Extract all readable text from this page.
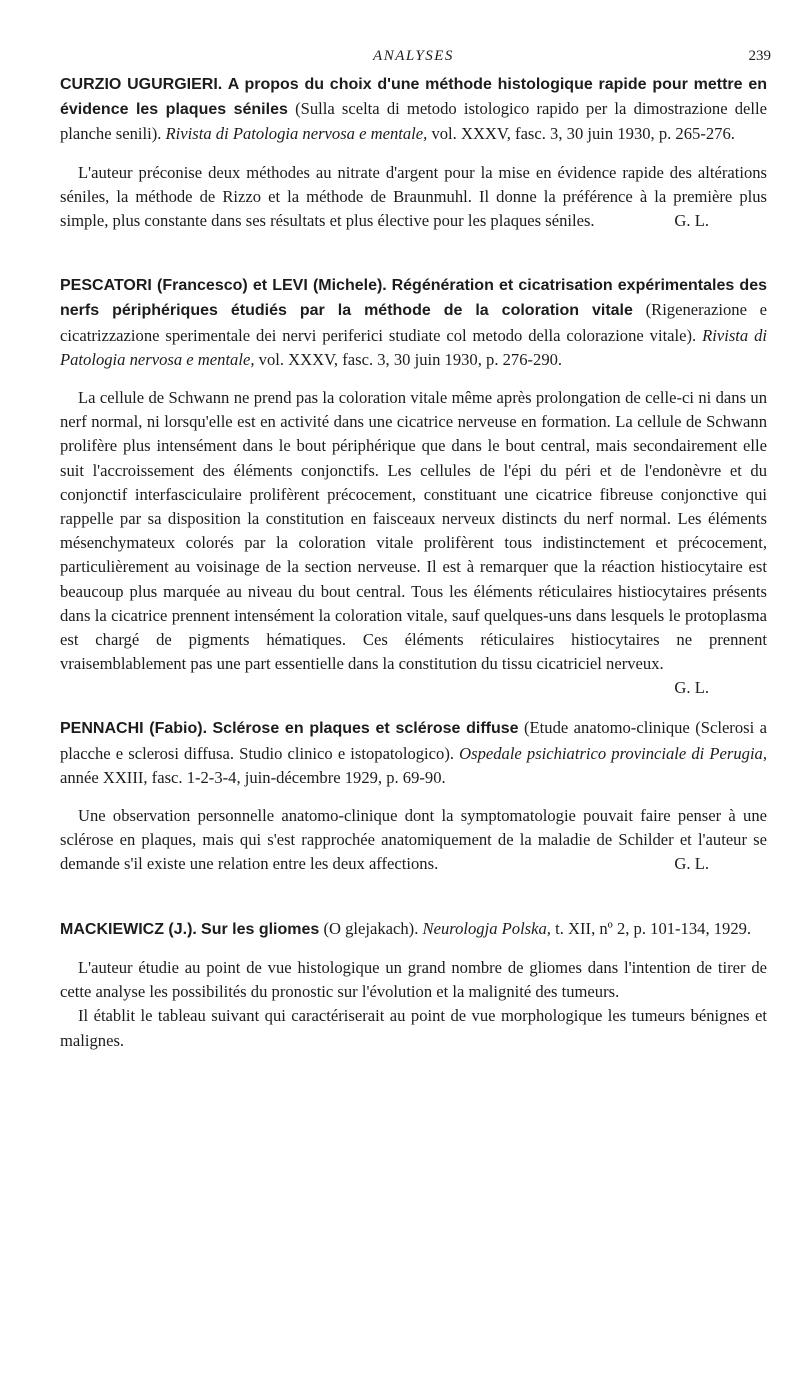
ANALYSES	239

CURZIO UGURGIERI. A propos du choix d'une méthode histologique rapide pour mettre en évidence les plaques séniles (Sulla scelta di metodo istologico rapido per la dimostrazione delle planche senili). Rivista di Patologia nervosa e mentale, vol. XXXV, fasc. 3, 30 juin 1930, p. 265-276.

L'auteur préconise deux méthodes au nitrate d'argent pour la mise en évidence rapide des altérations séniles, la méthode de Rizzo et la méthode de Braunmuhl. Il donne la préférence à la première plus simple, plus constante dans ses résultats et plus élective pour les plaques séniles.	G. L.

PESCATORI (Francesco) et LEVI (Michele). Régénération et cicatrisation expérimentales des nerfs périphériques étudiés par la méthode de la coloration vitale (Rigenerazione e cicatrizzazione sperimentale dei nervi periferici studiate col metodo della colorazione vitale). Rivista di Patologia nervosa e mentale, vol. XXXV, fasc. 3, 30 juin 1930, p. 276-290.

La cellule de Schwann ne prend pas la coloration vitale même après prolongation de celle-ci ni dans un nerf normal, ni lorsqu'elle est en activité dans une cicatrice nerveuse en formation. La cellule de Schwann prolifère plus intensément dans le bout périphérique que dans le bout central, mais secondairement elle suit l'accroissement des éléments conjonctifs. Les cellules de l'épi du péri et de l'endonèvre et du conjonctif interfasciculaire prolifèrent précocement, constituant une cicatrice fibreuse conjonctive qui rappelle par sa disposition la constitution en faisceaux nerveux distincts du nerf normal. Les éléments mésenchymateux colorés par la coloration vitale prolifèrent tous indistinctement et précocement, particulièrement au voisinage de la section nerveuse. Il est à remarquer que la réaction histiocytaire est beaucoup plus marquée au niveau du bout central. Tous les éléments réticulaires histiocytaires présents dans la cicatrice prennent intensément la coloration vitale, sauf quelques-uns dans lesquels le protoplasma est chargé de pigments hématiques. Ces éléments réticulaires histiocytaires ne prennent vraisemblablement pas une part essentielle dans la constitution du tissu cicatriciel nerveux.
G. L.

PENNACHI (Fabio). Sclérose en plaques et sclérose diffuse (Etude anatomo-clinique (Sclerosi a placche e sclerosi diffusa. Studio clinico e istopatologico). Ospedale psichiatrico provinciale di Perugia, année XXIII, fasc. 1-2-3-4, juin-décembre 1929, p. 69-90.

Une observation personnelle anatomo-clinique dont la symptomatologie pouvait faire penser à une sclérose en plaques, mais qui s'est rapprochée anatomiquement de la maladie de Schilder et l'auteur se demande s'il existe une relation entre les deux affections.	G. L.

MACKIEWICZ (J.). Sur les gliomes (O glejakach). Neurologja Polska, t. XII, nº 2, p. 101-134, 1929.

L'auteur étudie au point de vue histologique un grand nombre de gliomes dans l'intention de tirer de cette analyse les possibilités du pronostic sur l'évolution et la malignité des tumeurs.

Il établit le tableau suivant qui caractériserait au point de vue morphologique les tumeurs bénignes et malignes.
